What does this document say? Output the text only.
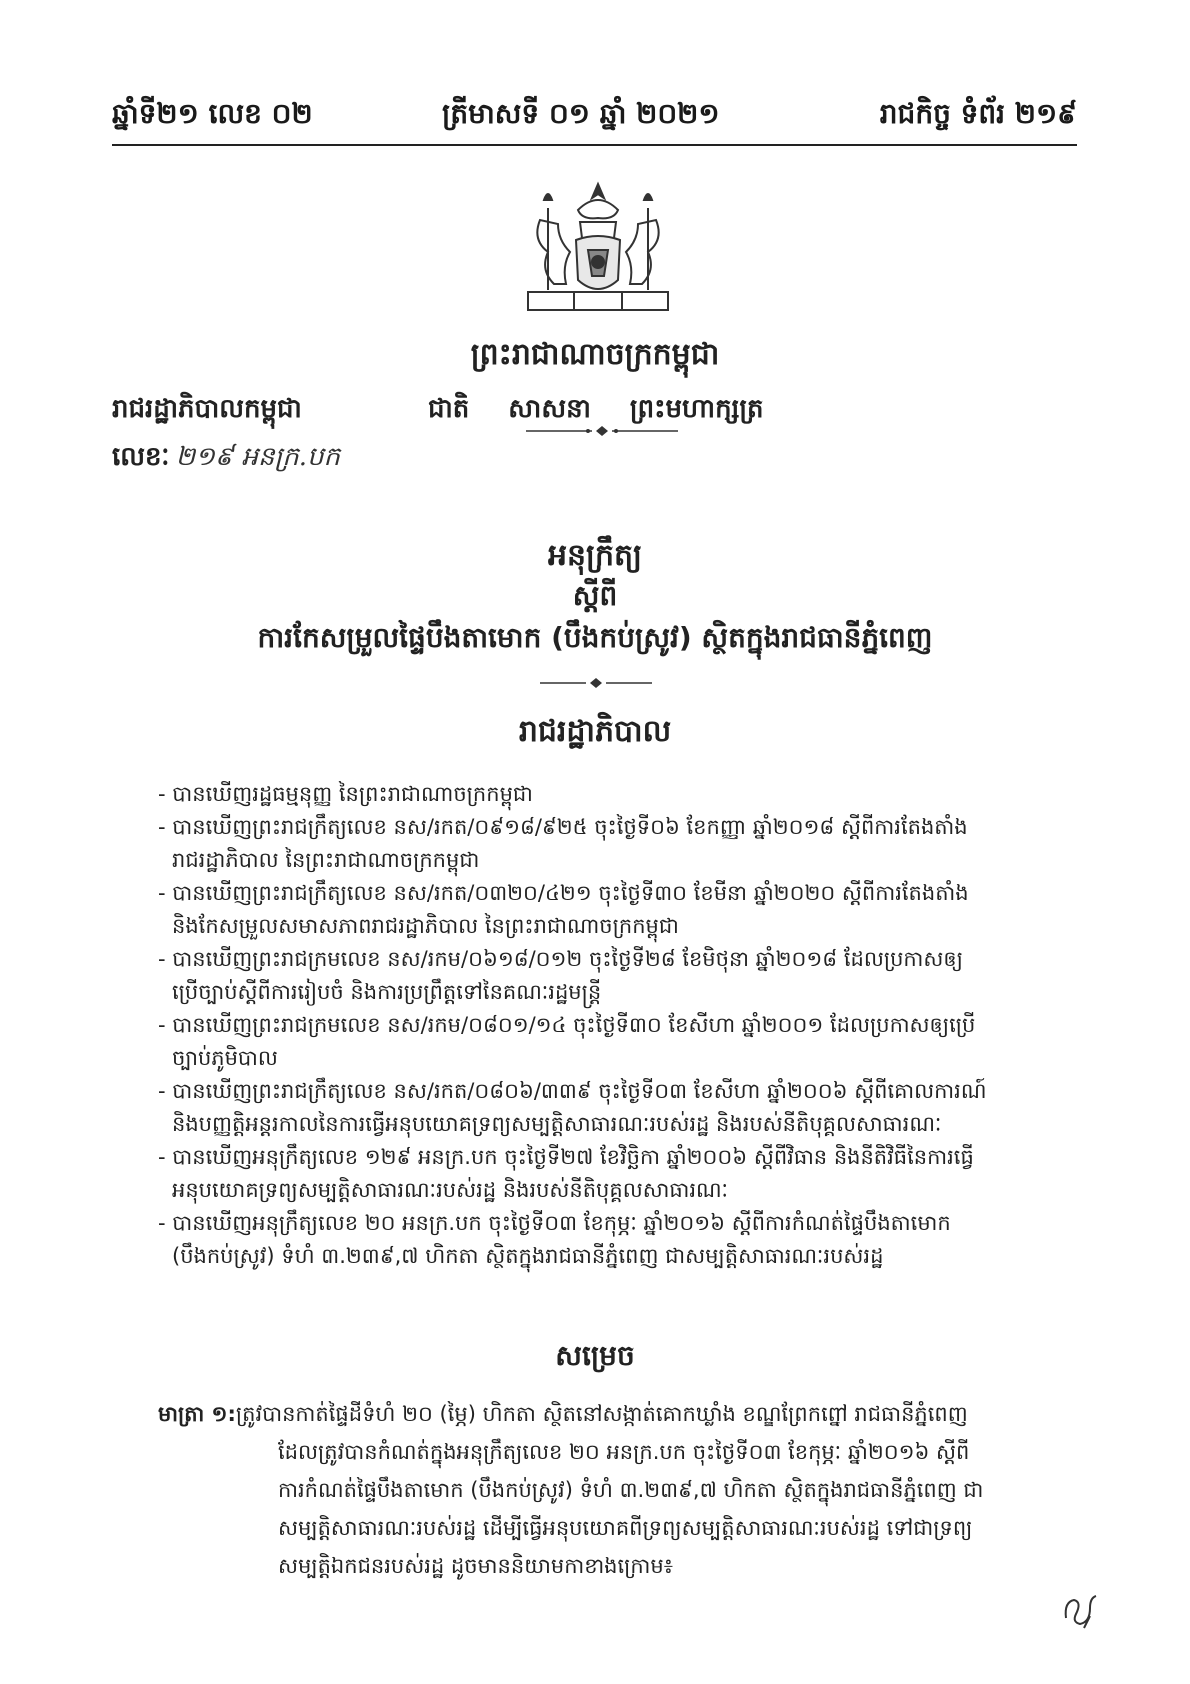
ឆ្នាំទី២១ លេខ ០២	ត្រីមាសទី ០១ ឆ្នាំ ២០២១	រាជកិច្ច ទំព័រ ២១៩
ព្រះរាជាណាចក្រកម្ពុជា
រាជរដ្ឋាភិបាលកម្ពុជា	ជាតិ សាសនា ព្រះមហាក្សត្រ
លេខៈ ២១៩ អនក្រ.បក
អនុក្រឹត្យ
ស្ដីពី
ការកែសម្រួលផ្ទៃបឹងតាមោក (បឹងកប់ស្រូវ) ស្ថិតក្នុងរាជធានីភ្នំពេញ
រាជរដ្ឋាភិបាល
- បានឃើញរដ្ឋធម្មនុញ្ញ នៃព្រះរាជាណាចក្រកម្ពុជា
- បានឃើញព្រះរាជក្រឹត្យលេខ នស/រកត/០៩១៨/៩២៥ ចុះថ្ងៃទី០៦ ខែកញ្ញា ឆ្នាំ២០១៨ ស្ដីពីការតែងតាំង
រាជរដ្ឋាភិបាល នៃព្រះរាជាណាចក្រកម្ពុជា
- បានឃើញព្រះរាជក្រឹត្យលេខ នស/រកត/០៣២០/៤២១ ចុះថ្ងៃទី៣០ ខែមីនា ឆ្នាំ២០២០ ស្ដីពីការតែងតាំង
និងកែសម្រួលសមាសភាពរាជរដ្ឋាភិបាល នៃព្រះរាជាណាចក្រកម្ពុជា
- បានឃើញព្រះរាជក្រមលេខ នស/រកម/០៦១៨/០១២ ចុះថ្ងៃទី២៨ ខែមិថុនា ឆ្នាំ២០១៨ ដែលប្រកាសឲ្យ
ប្រើច្បាប់ស្ដីពីការរៀបចំ និងការប្រព្រឹត្តទៅនៃគណៈរដ្ឋមន្ត្រី
- បានឃើញព្រះរាជក្រមលេខ នស/រកម/០៨០១/១៤ ចុះថ្ងៃទី៣០ ខែសីហា ឆ្នាំ២០០១ ដែលប្រកាសឲ្យប្រើ
ច្បាប់ភូមិបាល
- បានឃើញព្រះរាជក្រឹត្យលេខ នស/រកត/០៨០៦/៣៣៩ ចុះថ្ងៃទី០៣ ខែសីហា ឆ្នាំ២០០៦ ស្ដីពីគោលការណ៍
និងបញ្ញត្តិអន្តរកាលនៃការធ្វើអនុបយោគទ្រព្យសម្បត្តិសាធារណៈរបស់រដ្ឋ និងរបស់នីតិបុគ្គលសាធារណៈ
- បានឃើញអនុក្រឹត្យលេខ ១២៩ អនក្រ.បក ចុះថ្ងៃទី២៧ ខែវិច្ឆិកា ឆ្នាំ២០០៦ ស្ដីពីវិធាន និងនីតិវិធីនៃការធ្វើ
អនុបយោគទ្រព្យសម្បត្តិសាធារណៈរបស់រដ្ឋ និងរបស់នីតិបុគ្គលសាធារណៈ
- បានឃើញអនុក្រឹត្យលេខ ២០ អនក្រ.បក ចុះថ្ងៃទី០៣ ខែកុម្ភៈ ឆ្នាំ២០១៦ ស្ដីពីការកំណត់ផ្ទៃបឹងតាមោក
(បឹងកប់ស្រូវ) ទំហំ ៣.២៣៩,៧ ហិកតា ស្ថិតក្នុងរាជធានីភ្នំពេញ ជាសម្បត្តិសាធារណៈរបស់រដ្ឋ
សម្រេច
មាត្រា ១:ត្រូវបានកាត់ផ្ទៃដីទំហំ ២០ (ម្ភៃ) ហិកតា ស្ថិតនៅសង្កាត់គោកឃ្លាំង ខណ្ឌព្រែកព្នៅ រាជធានីភ្នំពេញ
ដែលត្រូវបានកំណត់ក្នុងអនុក្រឹត្យលេខ ២០ អនក្រ.បក ចុះថ្ងៃទី០៣ ខែកុម្ភៈ ឆ្នាំ២០១៦ ស្ដីពី
ការកំណត់ផ្ទៃបឹងតាមោក (បឹងកប់ស្រូវ) ទំហំ ៣.២៣៩,៧ ហិកតា ស្ថិតក្នុងរាជធានីភ្នំពេញ ជា
សម្បត្តិសាធារណៈរបស់រដ្ឋ ដើម្បីធ្វើអនុបយោគពីទ្រព្យសម្បត្តិសាធារណៈរបស់រដ្ឋ ទៅជាទ្រព្យ
សម្បត្តិឯកជនរបស់រដ្ឋ ដូចមាននិយាមកាខាងក្រោម៖
